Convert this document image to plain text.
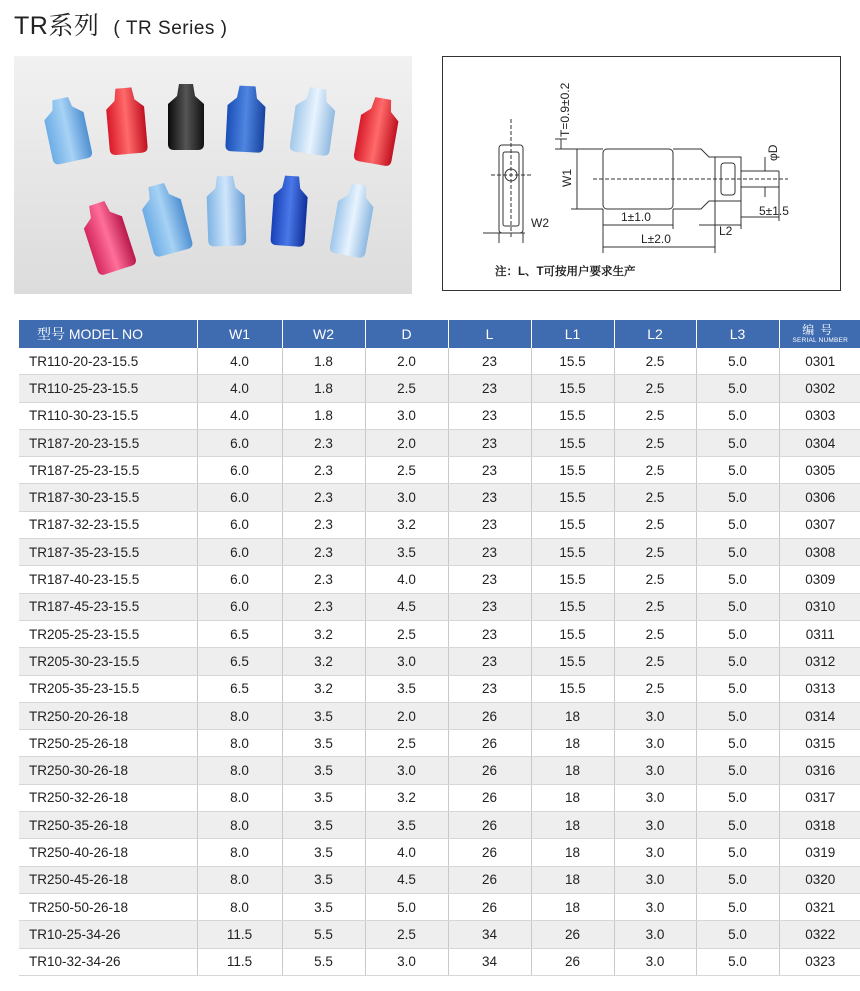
TR系列 ( TR Series )
T=0.9±0.2
W1
W2
φD
1±1.0
L±2.0
L2
5±1.5
注：L、T可按用户要求生产
型号 MODEL NO	W1	W2	D	L	L1	L2	L3	编号
SERIAL NUMBER

TR110-20-23-15.5	4.0	1.8	2.0	23	15.5	2.5	5.0	0301
TR110-25-23-15.5	4.0	1.8	2.5	23	15.5	2.5	5.0	0302
TR110-30-23-15.5	4.0	1.8	3.0	23	15.5	2.5	5.0	0303
TR187-20-23-15.5	6.0	2.3	2.0	23	15.5	2.5	5.0	0304
TR187-25-23-15.5	6.0	2.3	2.5	23	15.5	2.5	5.0	0305
TR187-30-23-15.5	6.0	2.3	3.0	23	15.5	2.5	5.0	0306
TR187-32-23-15.5	6.0	2.3	3.2	23	15.5	2.5	5.0	0307
TR187-35-23-15.5	6.0	2.3	3.5	23	15.5	2.5	5.0	0308
TR187-40-23-15.5	6.0	2.3	4.0	23	15.5	2.5	5.0	0309
TR187-45-23-15.5	6.0	2.3	4.5	23	15.5	2.5	5.0	0310
TR205-25-23-15.5	6.5	3.2	2.5	23	15.5	2.5	5.0	0311
TR205-30-23-15.5	6.5	3.2	3.0	23	15.5	2.5	5.0	0312
TR205-35-23-15.5	6.5	3.2	3.5	23	15.5	2.5	5.0	0313
TR250-20-26-18	8.0	3.5	2.0	26	18	3.0	5.0	0314
TR250-25-26-18	8.0	3.5	2.5	26	18	3.0	5.0	0315
TR250-30-26-18	8.0	3.5	3.0	26	18	3.0	5.0	0316
TR250-32-26-18	8.0	3.5	3.2	26	18	3.0	5.0	0317
TR250-35-26-18	8.0	3.5	3.5	26	18	3.0	5.0	0318
TR250-40-26-18	8.0	3.5	4.0	26	18	3.0	5.0	0319
TR250-45-26-18	8.0	3.5	4.5	26	18	3.0	5.0	0320
TR250-50-26-18	8.0	3.5	5.0	26	18	3.0	5.0	0321
TR10-25-34-26	11.5	5.5	2.5	34	26	3.0	5.0	0322
TR10-32-34-26	11.5	5.5	3.0	34	26	3.0	5.0	0323
